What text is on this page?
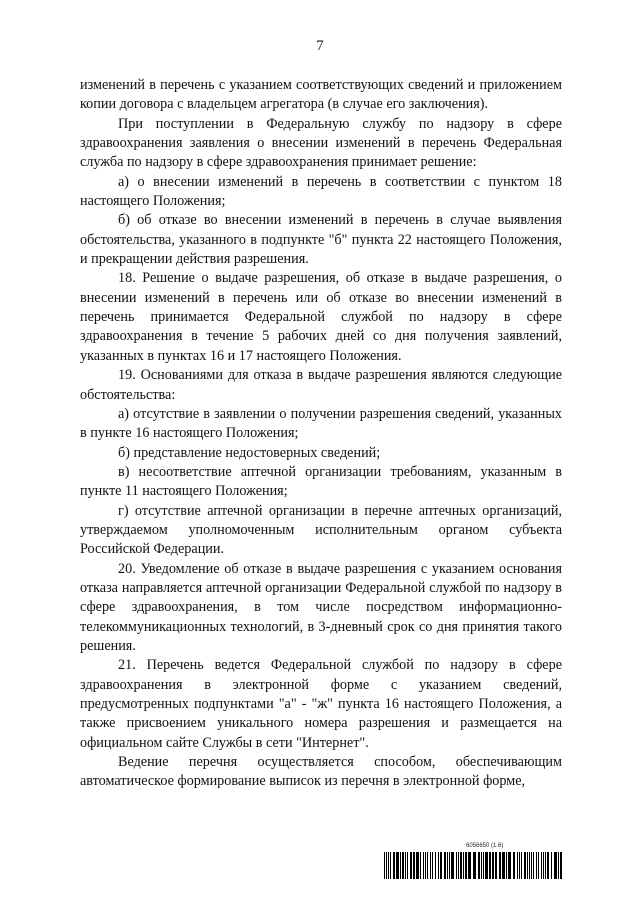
7

изменений в перечень с указанием соответствующих сведений и приложением копии договора с владельцем агрегатора (в случае его заключения).

При поступлении в Федеральную службу по надзору в сфере здравоохранения заявления о внесении изменений в перечень Федеральная служба по надзору в сфере здравоохранения принимает решение:

а) о внесении изменений в перечень в соответствии с пунктом 18 настоящего Положения;

б) об отказе во внесении изменений в перечень в случае выявления обстоятельства, указанного в подпункте "б" пункта 22 настоящего Положения, и прекращении действия разрешения.

18. Решение о выдаче разрешения, об отказе в выдаче разрешения, о внесении изменений в перечень или об отказе во внесении изменений в перечень принимается Федеральной службой по надзору в сфере здравоохранения в течение 5 рабочих дней со дня получения заявлений, указанных в пунктах 16 и 17 настоящего Положения.

19. Основаниями для отказа в выдаче разрешения являются следующие обстоятельства:

а) отсутствие в заявлении о получении разрешения сведений, указанных в пункте 16 настоящего Положения;

б) представление недостоверных сведений;

в) несоответствие аптечной организации требованиям, указанным в пункте 11 настоящего Положения;

г) отсутствие аптечной организации в перечне аптечных организаций, утверждаемом уполномоченным исполнительным органом субъекта Российской Федерации.

20. Уведомление об отказе в выдаче разрешения с указанием основания отказа направляется аптечной организации Федеральной службой по надзору в сфере здравоохранения, в том числе посредством информационно-телекоммуникационных технологий, в 3-дневный срок со дня принятия такого решения.

21. Перечень ведется Федеральной службой по надзору в сфере здравоохранения в электронной форме с указанием сведений, предусмотренных подпунктами "а" - "ж" пункта 16 настоящего Положения, а также присвоением уникального номера разрешения и размещается на официальном сайте Службы в сети "Интернет".

Ведение перечня осуществляется способом, обеспечивающим автоматическое формирование выписок из перечня в электронной форме,

6056650 (1.6)
